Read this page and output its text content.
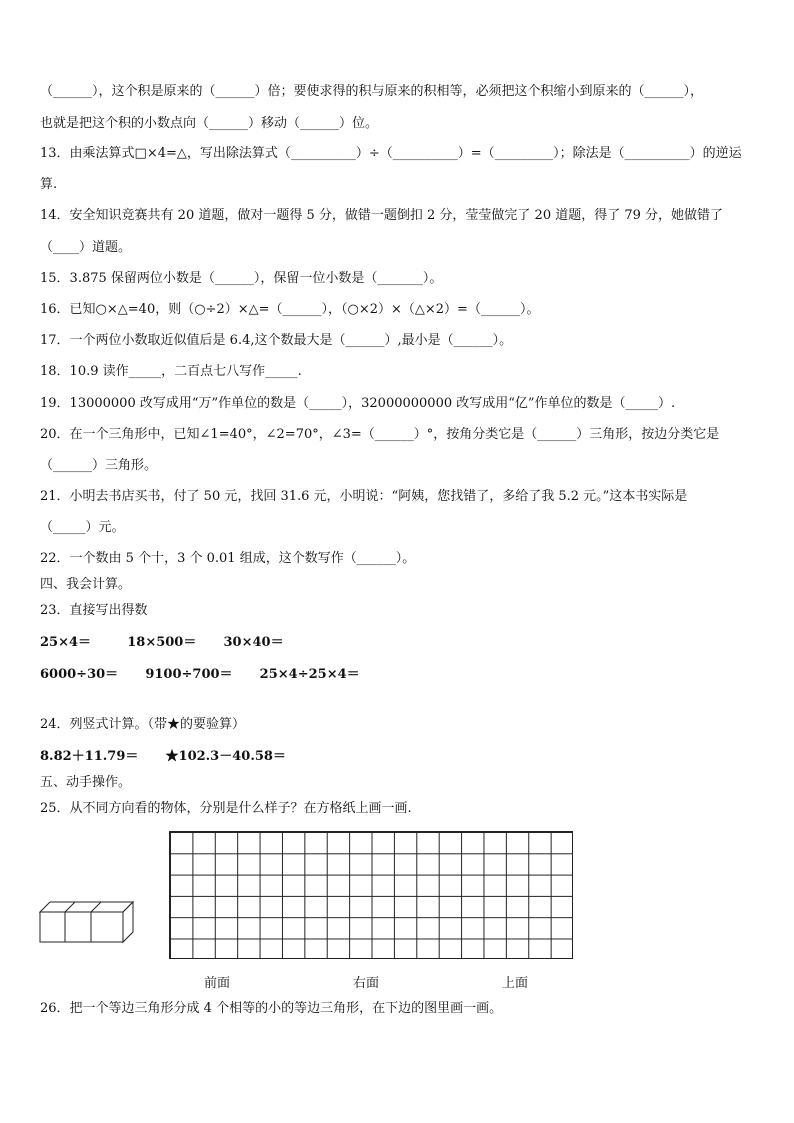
（______），这个积是原来的（______）倍；要使求得的积与原来的积相等，必须把这个积缩小到原来的（______），
也就是把这个积的小数点向（______）移动（______）位。
13．由乘法算式□×4=△，写出除法算式（__________）÷（__________）=（_________）；除法是（__________）的逆运
算.
14．安全知识竞赛共有 20 道题，做对一题得 5 分，做错一题倒扣 2 分，莹莹做完了 20 道题，得了 79 分，她做错了
（____）道题。
15．3.875 保留两位小数是（______），保留一位小数是（_______）。
16．已知○×△=40，则（○÷2）×△=（______），（○×2）×（△×2）=（______）。
17．一个两位小数取近似值后是 6.4,这个数最大是（______）,最小是（______）。
18．10.9 读作_____，二百点七八写作_____.
19．13000000 改写成用“万”作单位的数是（_____），32000000000 改写成用“亿”作单位的数是（_____）.
20．在一个三角形中，已知∠1=40°，∠2=70°，∠3=（______）°，按角分类它是（______）三角形，按边分类它是
（______）三角形。
21．小明去书店买书，付了 50 元，找回 31.6 元，小明说：“阿姨，您找错了，多给了我 5.2 元。”这本书实际是
（_____）元。
22．一个数由 5 个十，3 个 0.01 组成，这个数写作（______）。
四、我会计算。
23．直接写出得数
25×4＝        18×500＝      30×40＝
6000÷30＝      9100÷700＝      25×4÷25×4＝
24．列竖式计算。（带★的要验算）
8.82＋11.79＝      ★102.3－40.58＝
五、动手操作。
25．从不同方向看的物体，分别是什么样子？在方格纸上画一画.
前面	右面	上面
26．把一个等边三角形分成 4 个相等的小的等边三角形，在下边的图里画一画。
